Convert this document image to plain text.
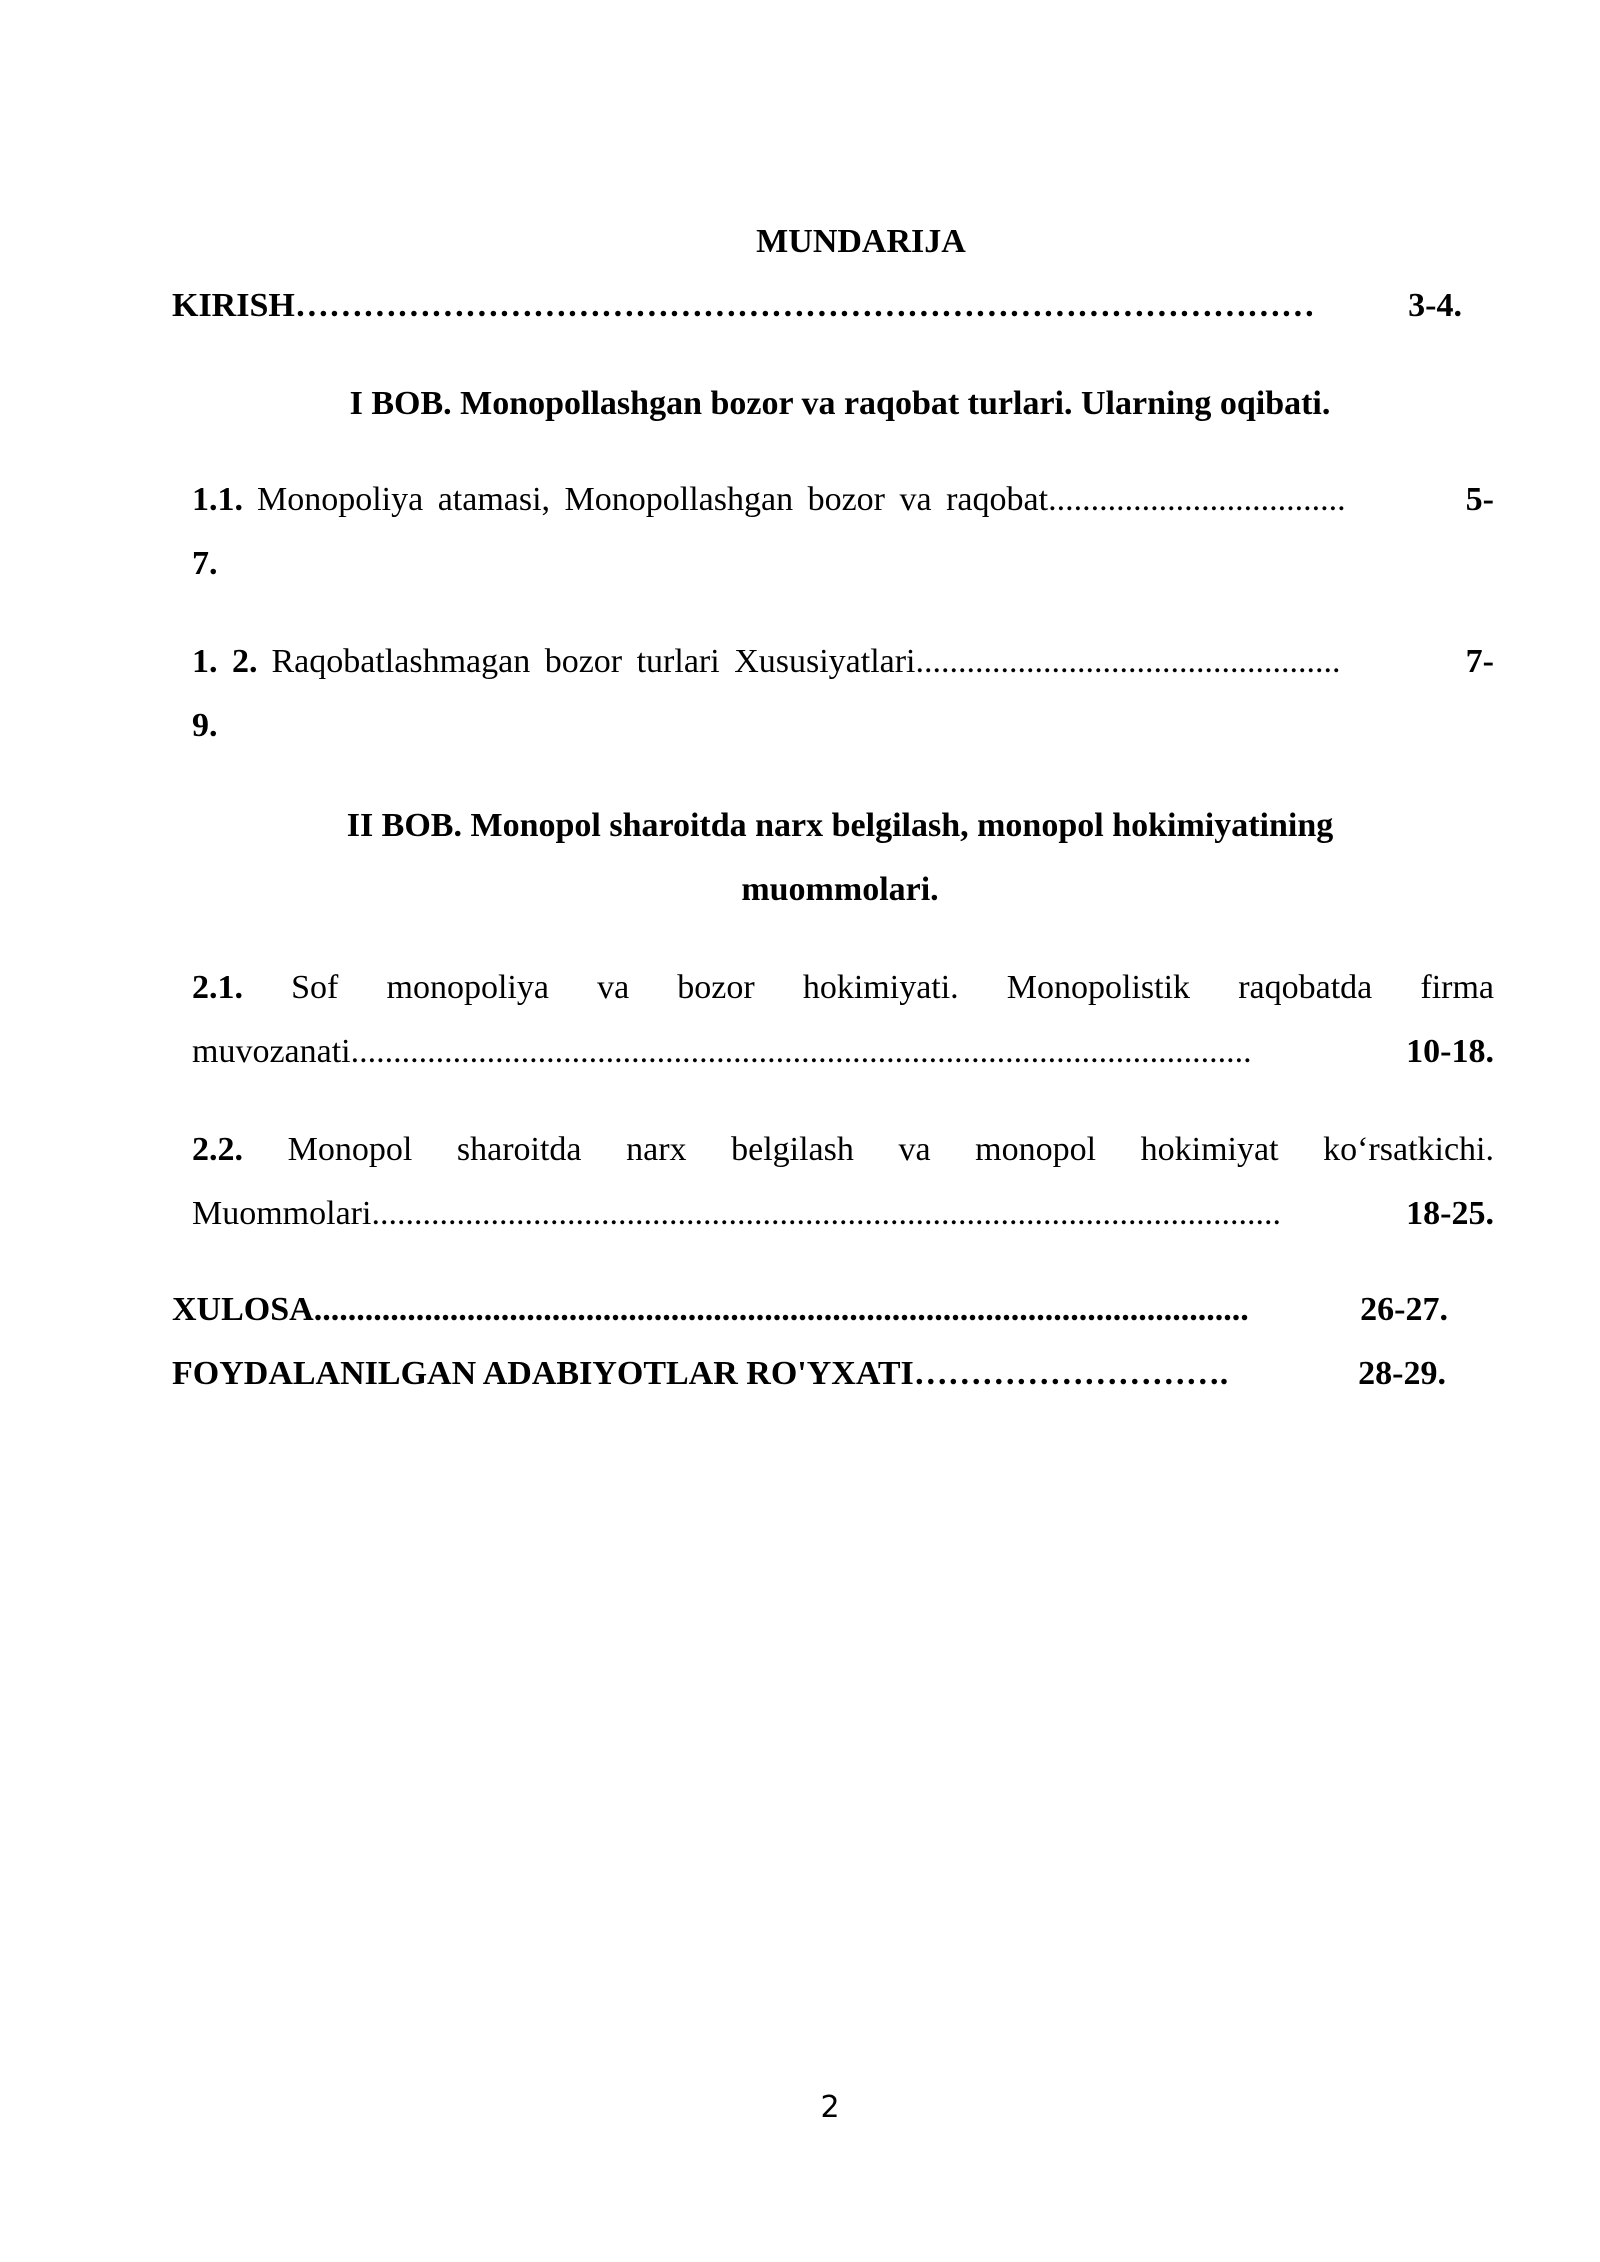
MUNDARIJA
KIRISH ………………………………………………………………………………	3-4.
I BOB. Monopollashgan bozor va raqobat turlari. Ularning oqibati.
1.1. Monopoliya atamasi, Monopollashgan bozor va raqobat ...................................	5-
7.
1. 2. Raqobatlashmagan bozor turlari Xususiyatlari ..................................................	7-
9.
II BOB. Monopol sharoitda narx belgilash, monopol hokimiyatining
muommolari.
2.1. Sof monopoliya va bozor hokimiyati. Monopolistik raqobatda firma
muvozanati ..........................................................................................................	10-18.
2.2. Monopol sharoitda narx belgilash va monopol hokimiyat ko‘rsatkichi.
Muommolari ...........................................................................................................	18-25.
XULOSA ..............................................................................................................	26-27.
FOYDALANILGAN ADABIYOTLAR RO'YXATI ……………………….	28-29.
2
